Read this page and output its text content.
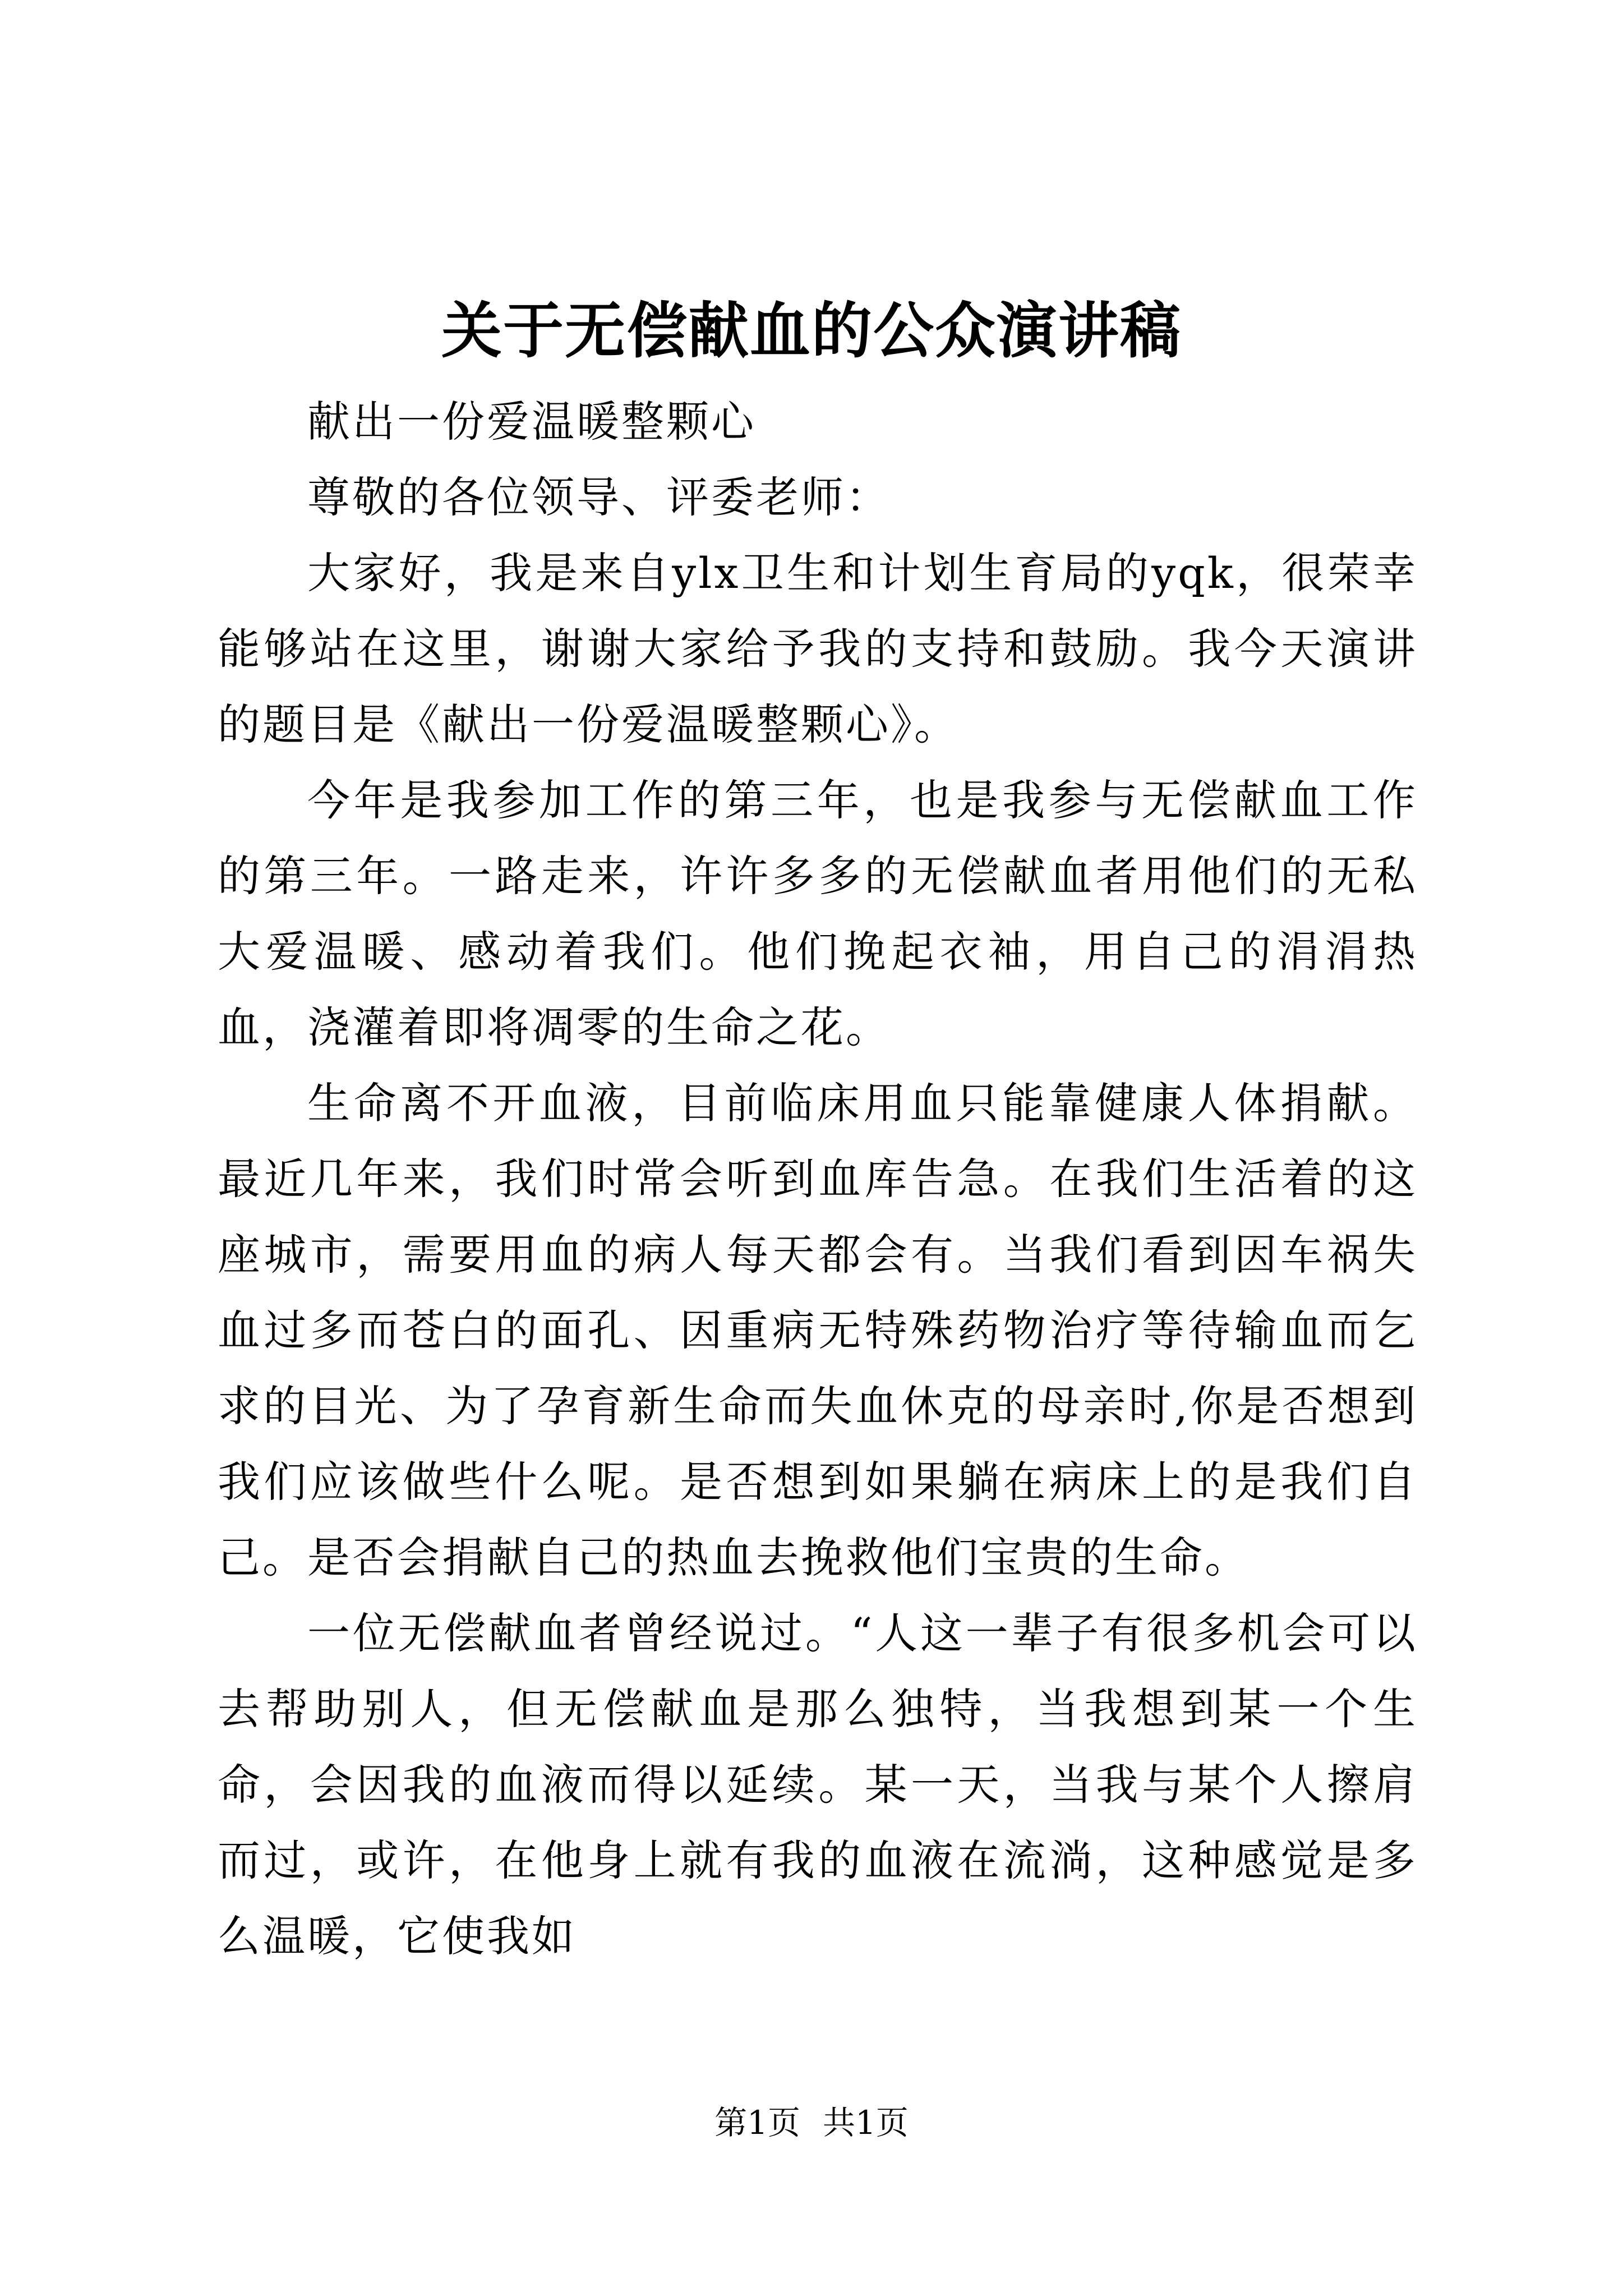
关于无偿献血的公众演讲稿

献出一份爱温暖整颗心

尊敬的各位领导、评委老师：

大家好，我是来自ylx卫生和计划生育局的yqk，很荣幸能够站在这里，谢谢大家给予我的支持和鼓励。我今天演讲的题目是《献出一份爱温暖整颗心》。

今年是我参加工作的第三年，也是我参与无偿献血工作的第三年。一路走来，许许多多的无偿献血者用他们的无私大爱温暖、感动着我们。他们挽起衣袖，用自己的涓涓热血，浇灌着即将凋零的生命之花。

生命离不开血液，目前临床用血只能靠健康人体捐献。最近几年来，我们时常会听到血库告急。在我们生活着的这座城市，需要用血的病人每天都会有。当我们看到因车祸失血过多而苍白的面孔、因重病无特殊药物治疗等待输血而乞求的目光、为了孕育新生命而失血休克的母亲时,你是否想到我们应该做些什么呢。是否想到如果躺在病床上的是我们自己。是否会捐献自己的热血去挽救他们宝贵的生命。

一位无偿献血者曾经说过。“人这一辈子有很多机会可以去帮助别人，但无偿献血是那么独特，当我想到某一个生命，会因我的血液而得以延续。某一天，当我与某个人擦肩而过，或许，在他身上就有我的血液在流淌，这种感觉是多么温暖，它使我如

第1页 共1页
